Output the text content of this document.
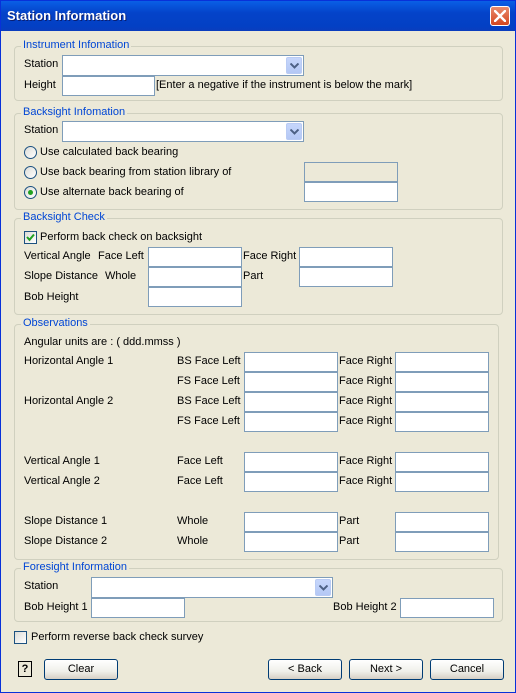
Station Information
Instrument Infomation
Station
Height	[Enter a negative if the instrument is below the mark]
Backsight Infomation
Station
Use calculated back bearing
Use back bearing from station library of
Use alternate back bearing of
Backsight Check
Perform back check on backsight
Vertical Angle Face Left	Face Right
Slope Distance Whole	Part
Bob Height
Observations
Angular units are : ( ddd.mmss )
Horizontal Angle 1	BS Face Left	Face Right
FS Face Left	Face Right
Horizontal Angle 2	BS Face Left	Face Right
FS Face Left	Face Right
Vertical Angle 1	Face Left	Face Right
Vertical Angle 2	Face Left	Face Right
Slope Distance 1	Whole	Part
Slope Distance 2	Whole	Part
Foresight Information
Station
Bob Height 1	Bob Height 2
Perform reverse back check survey
?	Clear	< Back	Next >	Cancel
